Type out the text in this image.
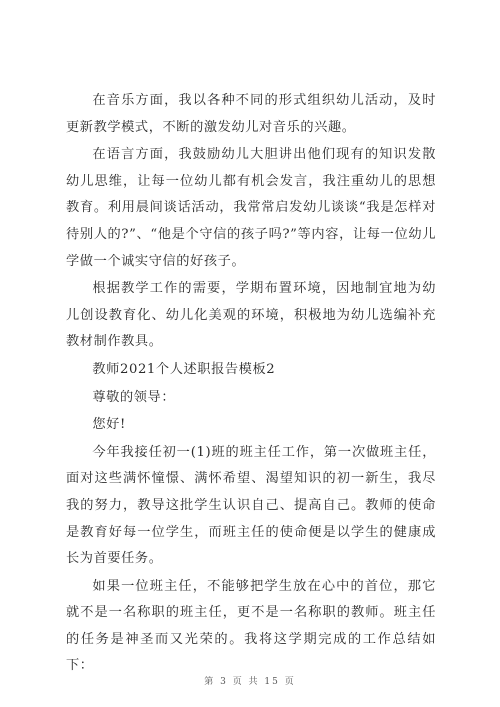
在音乐方面，我以各种不同的形式组织幼儿活动，及时更新教学模式，不断的激发幼儿对音乐的兴趣。

在语言方面，我鼓励幼儿大胆讲出他们现有的知识发散幼儿思维，让每一位幼儿都有机会发言，我注重幼儿的思想教育。利用晨间谈话活动，我常常启发幼儿谈谈“我是怎样对待别人的?”、“他是个守信的孩子吗?”等内容，让每一位幼儿学做一个诚实守信的好孩子。

根据教学工作的需要，学期布置环境，因地制宜地为幼儿创设教育化、幼儿化美观的环境，积极地为幼儿选编补充教材制作教具。

教师2021个人述职报告模板2

尊敬的领导：

您好!

今年我接任初一(1)班的班主任工作，第一次做班主任，面对这些满怀憧憬、满怀希望、渴望知识的初一新生，我尽我的努力，教导这批学生认识自己、提高自己。教师的使命是教育好每一位学生，而班主任的使命便是以学生的健康成长为首要任务。

如果一位班主任，不能够把学生放在心中的首位，那它就不是一名称职的班主任，更不是一名称职的教师。班主任的任务是神圣而又光荣的。我将这学期完成的工作总结如下：

第 3 页 共 15 页
